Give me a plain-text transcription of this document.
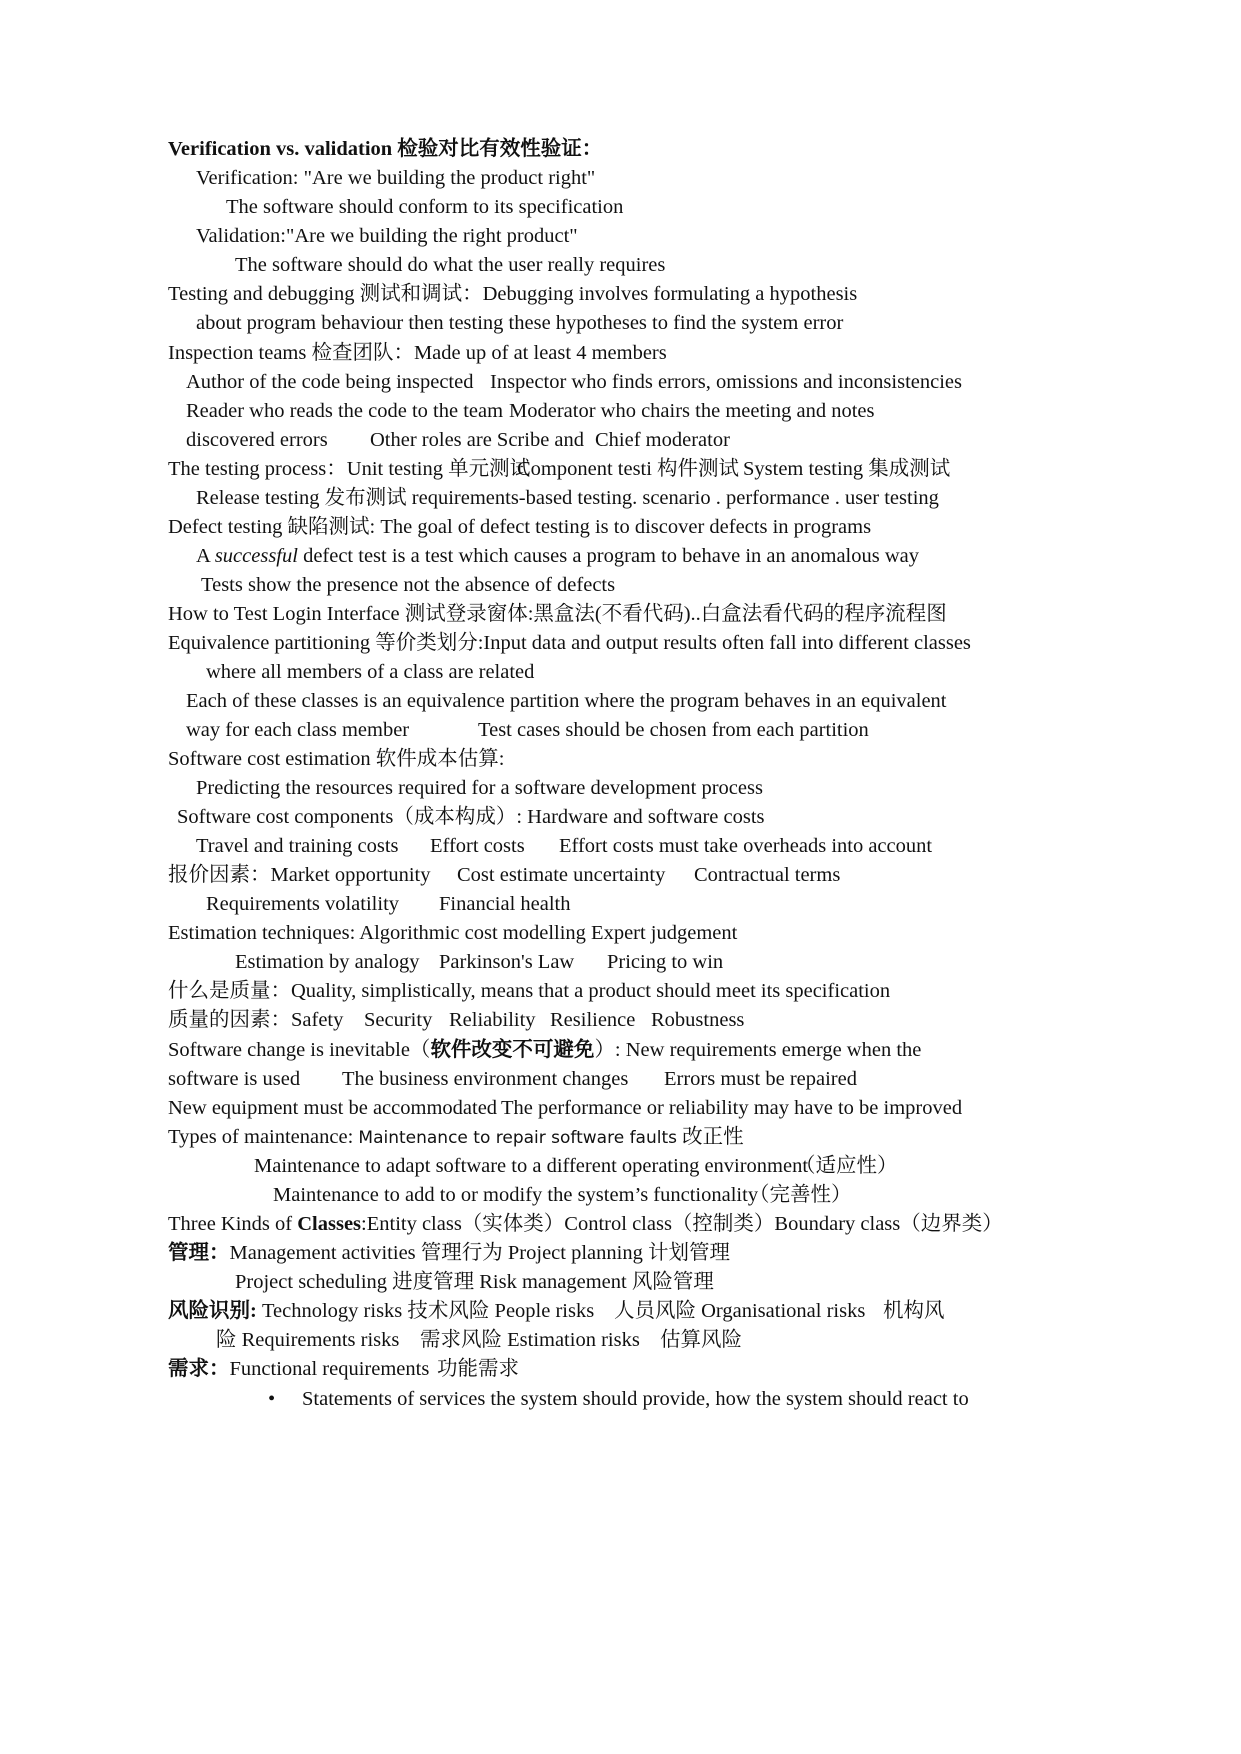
Verification vs. validation 检验对比有效性验证：
Verification: "Are we building the product right"
The software should conform to its specification
Validation:"Are we building the right product"
The software should do what the user really requires
Testing and debugging 测试和调试：Debugging involves formulating a hypothesis
about program behaviour then testing these hypotheses to find the system error
Inspection teams 检查团队：Made up of at least 4 members
Author of the code being inspected Inspector who finds errors, omissions and inconsistencies
Reader who reads the code to the team Moderator who chairs the meeting and notes
discovered errors Other roles are Scribe and Chief moderator
The testing process：Unit testing 单元测试
Component testi 构件测试 System testing 集成测试
Release testing 发布测试 requirements-based testing. scenario . performance . user testing
Defect testing 缺陷测试: The goal of defect testing is to discover defects in programs
A successful defect test is a test which causes a program to behave in an anomalous way
Tests show the presence not the absence of defects
How to Test Login Interface 测试登录窗体:黑盒法(不看代码)..白盒法看代码的程序流程图
Equivalence partitioning 等价类划分:Input data and output results often fall into different classes
where all members of a class are related
Each of these classes is an equivalence partition where the program behaves in an equivalent
way for each class member	Test cases should be chosen from each partition
Software cost estimation 软件成本估算:
Predicting the resources required for a software development process
Software cost components（成本构成）: Hardware and software costs
Travel and training costs Effort costs Effort costs must take overheads into account
报价因素：Market opportunity Cost estimate uncertainty Contractual terms
Requirements volatility Financial health
Estimation techniques: Algorithmic cost modelling Expert judgement
Estimation by analogy Parkinson's Law Pricing to win
什么是质量：Quality, simplistically, means that a product should meet its specification
质量的因素：Safety Security Reliability Resilience Robustness
Software change is inevitable（软件改变不可避免）: New requirements emerge when the
software is used The business environment changes Errors must be repaired
New equipment must be accommodated The performance or reliability may have to be improved
Types of maintenance: Maintenance to repair software faults 改正性
Maintenance to adapt software to a different operating environment
（适应性）
Maintenance to add to or modify the system’s functionality
（完善性）
Three Kinds of Classes:Entity class（实体类）Control class（控制类）Boundary class（边界类）
管理：Management activities 管理行为 Project planning 计划管理
Project scheduling 进度管理 Risk management 风险管理
风险识别: Technology risks 技术风险 People risks 人员风险 Organisational risks 机构风
险 Requirements risks 需求风险 Estimation risks 估算风险
需求：Functional requirements 功能需求
• Statements of services the system should provide, how the system should react to
